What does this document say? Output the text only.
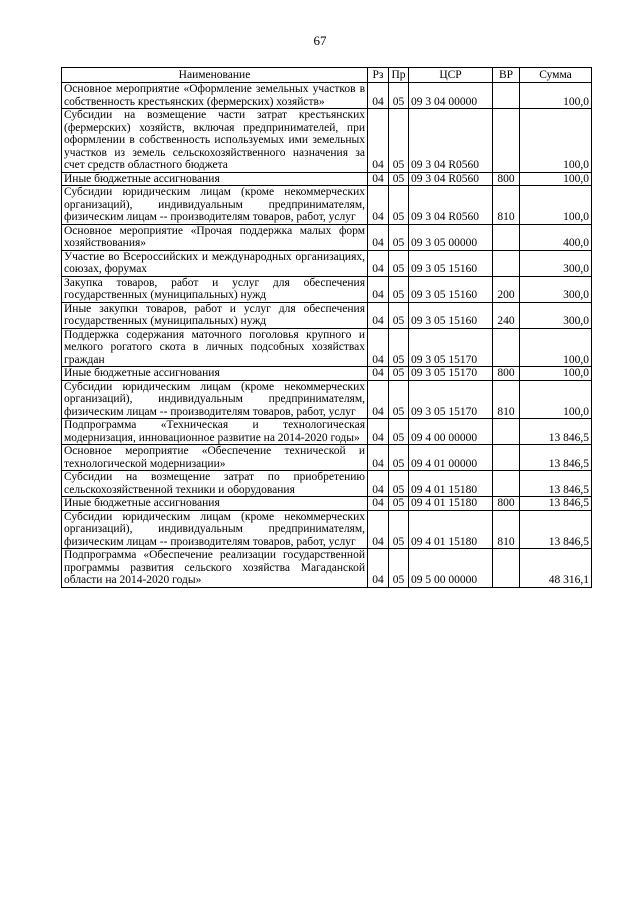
67
Наименование	Рз	Пр	ЦСР	ВР	Сумма
Основное мероприятие «Оформление земельных участков в собственность крестьянских (фермерских) хозяйств»	04	05	09 3 04 00000		100,0
Субсидии на возмещение части затрат крестьянских (фермерских) хозяйств, включая предпринимателей, при оформлении в собственность используемых ими земельных участков из земель сельскохозяйственного назначения за счет средств областного бюджета	04	05	09 3 04 R0560		100,0
Иные бюджетные ассигнования	04	05	09 3 04 R0560	800	100,0
Субсидии юридическим лицам (кроме некоммерческих организаций), индивидуальным предпринимателям, физическим лицам -- производителям товаров, работ, услуг	04	05	09 3 04 R0560	810	100,0
Основное мероприятие «Прочая поддержка малых форм хозяйствования»	04	05	09 3 05 00000		400,0
Участие во Всероссийских и международных организациях, союзах, форумах	04	05	09 3 05 15160		300,0
Закупка товаров, работ и услуг для обеспечения государственных (муниципальных) нужд	04	05	09 3 05 15160	200	300,0
Иные закупки товаров, работ и услуг для обеспечения государственных (муниципальных) нужд	04	05	09 3 05 15160	240	300,0
Поддержка содержания маточного поголовья крупного и мелкого рогатого скота в личных подсобных хозяйствах граждан	04	05	09 3 05 15170		100,0
Иные бюджетные ассигнования	04	05	09 3 05 15170	800	100,0
Субсидии юридическим лицам (кроме некоммерческих организаций), индивидуальным предпринимателям, физическим лицам -- производителям товаров, работ, услуг	04	05	09 3 05 15170	810	100,0
Подпрограмма «Техническая и технологическая модернизация, инновационное развитие на 2014-2020 годы»	04	05	09 4 00 00000		13 846,5
Основное мероприятие «Обеспечение технической и технологической модернизации»	04	05	09 4 01 00000		13 846,5
Субсидии на возмещение затрат по приобретению сельскохозяйственной техники и оборудования	04	05	09 4 01 15180		13 846,5
Иные бюджетные ассигнования	04	05	09 4 01 15180	800	13 846,5
Субсидии юридическим лицам (кроме некоммерческих организаций), индивидуальным предпринимателям, физическим лицам -- производителям товаров, работ, услуг	04	05	09 4 01 15180	810	13 846,5
Подпрограмма «Обеспечение реализации государственной программы развития сельского хозяйства Магаданской области на 2014-2020 годы»	04	05	09 5 00 00000		48 316,1
